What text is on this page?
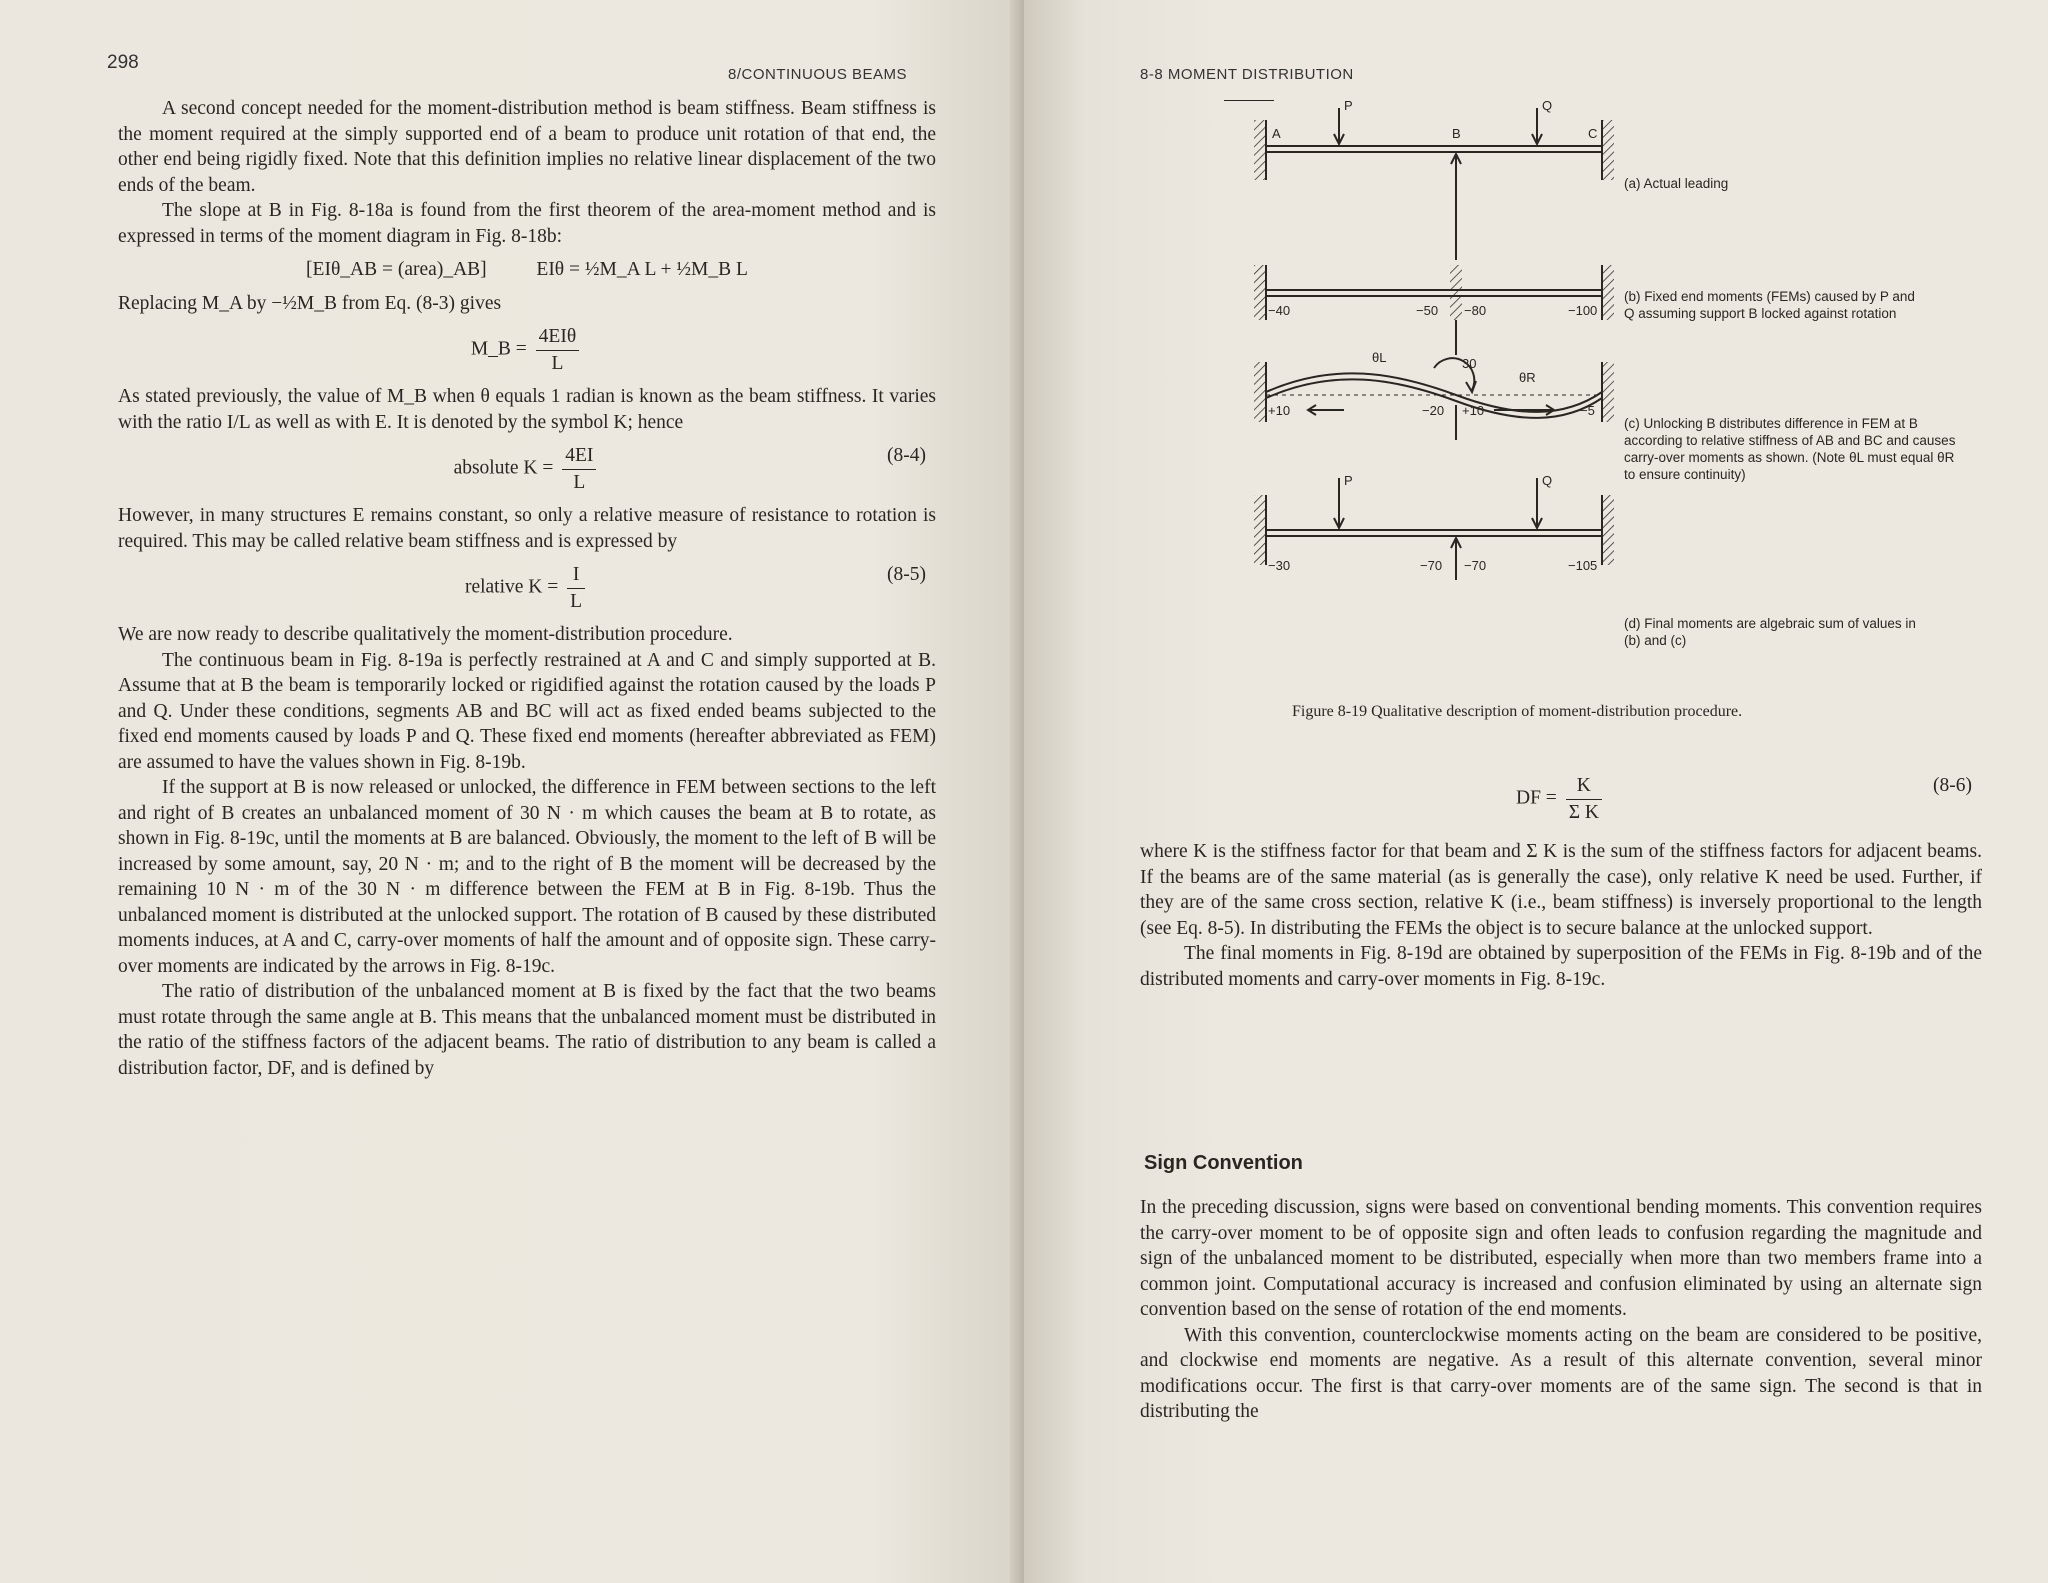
298
8/CONTINUOUS BEAMS

A second concept needed for the moment-distribution method is beam stiffness. Beam stiffness is the moment required at the simply supported end of a beam to produce unit rotation of that end, the other end being rigidly fixed. Note that this definition implies no relative linear displacement of the two ends of the beam.

The slope at B in Fig. 8-18a is found from the first theorem of the area-moment method and is expressed in terms of the moment diagram in Fig. 8-18b:

[EIθ_AB = (area)_AB]	EIθ = ½M_A L + ½M_B L

Replacing M_A by −½M_B from Eq. (8-3) gives

M_B = $\frac{\text{4EIθ}}{L}$

As stated previously, the value of M_B when θ equals 1 radian is known as the beam stiffness. It varies with the ratio I/L as well as with E. It is denoted by the symbol K; hence

absolute $K = \frac{4EI}{L}$	(8-4)

However, in many structures E remains constant, so only a relative measure of resistance to rotation is required. This may be called relative beam stiffness and is expressed by

relative $K = \frac{I}{L}$	(8-5)

We are now ready to describe qualitatively the moment-distribution procedure.

The continuous beam in Fig. 8-19a is perfectly restrained at A and C and simply supported at B. Assume that at B the beam is temporarily locked or rigidified against the rotation caused by the loads P and Q. Under these conditions, segments AB and BC will act as fixed ended beams subjected to the fixed end moments caused by loads P and Q. These fixed end moments (hereafter abbreviated as FEM) are assumed to have the values shown in Fig. 8-19b.

If the support at B is now released or unlocked, the difference in FEM between sections to the left and right of B creates an unbalanced moment of 30 N · m which causes the beam at B to rotate, as shown in Fig. 8-19c, until the moments at B are balanced. Obviously, the moment to the left of B will be increased by some amount, say, 20 N · m; and to the right of B the moment will be decreased by the remaining 10 N · m of the 30 N · m difference between the FEM at B in Fig. 8-19b. Thus the unbalanced moment is distributed at the unlocked support. The rotation of B caused by these distributed moments induces, at A and C, carry-over moments of half the amount and of opposite sign. These carry-over moments are indicated by the arrows in Fig. 8-19c.

The ratio of distribution of the unbalanced moment at B is fixed by the fact that the two beams must rotate through the same angle at B. This means that the unbalanced moment must be distributed in the ratio of the stiffness factors of the adjacent beams. The ratio of distribution to any beam is called a distribution factor, DF, and is defined by

8-8 MOMENT DISTRIBUTION
A
P
B
Q
C
−40	−50 −80	−100
θL	30
θR
+10	−20 +10	−5
P	Q
−30	−70 −70	−105
(a) Actual leading
(b) Fixed end moments (FEMs) caused by P and Q assuming support B locked against rotation
(c) Unlocking B distributes difference in FEM at B according to relative stiffness of AB and BC and causes carry-over moments as shown. (Note θL must equal θR to ensure continuity)
(d) Final moments are algebraic sum of values in (b) and (c)
Figure 8-19 Qualitative description of moment-distribution procedure.
DF = $\frac{K}{\text{Σ K}}$	(8-6)

where K is the stiffness factor for that beam and Σ K is the sum of the stiffness factors for adjacent beams. If the beams are of the same material (as is generally the case), only relative K need be used. Further, if they are of the same cross section, relative K (i.e., beam stiffness) is inversely proportional to the length (see Eq. 8-5). In distributing the FEMs the object is to secure balance at the unlocked support.

The final moments in Fig. 8-19d are obtained by superposition of the FEMs in Fig. 8-19b and of the distributed moments and carry-over moments in Fig. 8-19c.

Sign Convention

In the preceding discussion, signs were based on conventional bending moments. This convention requires the carry-over moment to be of opposite sign and often leads to confusion regarding the magnitude and sign of the unbalanced moment to be distributed, especially when more than two members frame into a common joint. Computational accuracy is increased and confusion eliminated by using an alternate sign convention based on the sense of rotation of the end moments.

With this convention, counterclockwise moments acting on the beam are considered to be positive, and clockwise end moments are negative. As a result of this alternate convention, several minor modifications occur. The first is that carry-over moments are of the same sign. The second is that in distributing the
